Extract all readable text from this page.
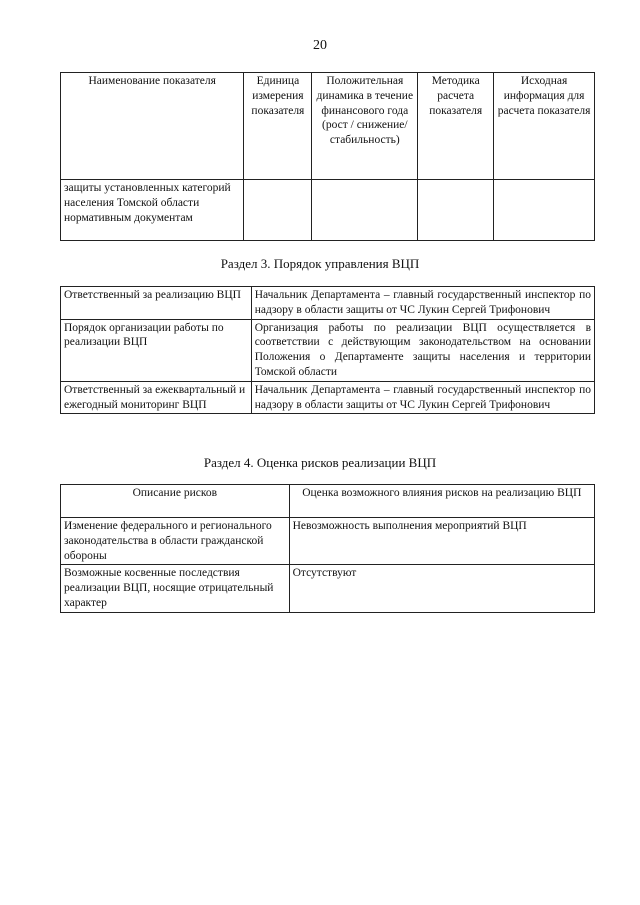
20
Наименование показателя	Единица измерения показателя	Положительная динамика в течение финансового года (рост / снижение/стабильность)	Методика расчета показателя	Исходная информация для расчета показателя
защиты установленных категорий населения Томской области нормативным документам				
Раздел 3. Порядок управления ВЦП
Ответственный за реализацию ВЦП	Начальник Департамента – главный государственный инспектор по надзору в области защиты от ЧС Лукин Сергей Трифонович
Порядок организации работы по реализации ВЦП	Организация работы по реализации ВЦП осуществляется в соответствии с действующим законодательством на основании Положения о Департаменте защиты населения и территории Томской области
Ответственный за ежеквартальный и ежегодный мониторинг ВЦП	Начальник Департамента – главный государственный инспектор по надзору в области защиты от ЧС Лукин Сергей Трифонович
Раздел 4. Оценка рисков реализации ВЦП
Описание рисков	Оценка возможного влияния рисков на реализацию ВЦП
Изменение федерального и регионального законодательства в области гражданской обороны	Невозможность выполнения мероприятий ВЦП
Возможные косвенные последствия реализации ВЦП, носящие отрицательный характер	Отсутствуют
